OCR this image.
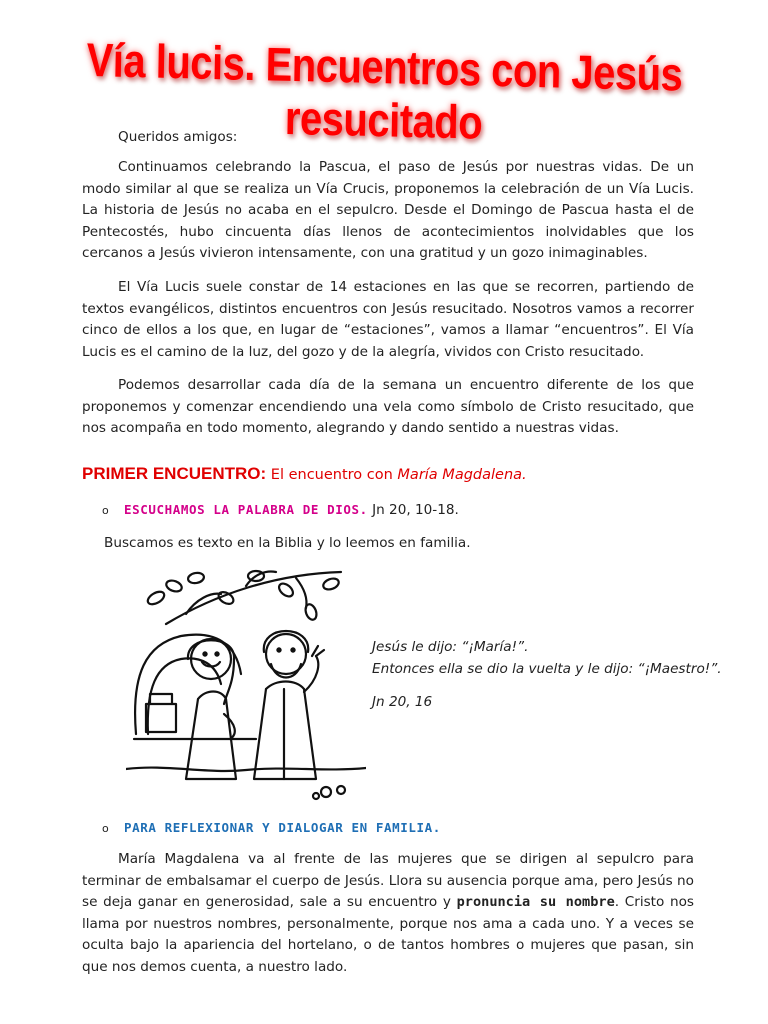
Vía lucis. Encuentros con Jesús resucitado

Queridos amigos:

Continuamos celebrando la Pascua, el paso de Jesús por nuestras vidas. De un modo similar al que se realiza un Vía Crucis, proponemos la celebración de un Vía Lucis. La historia de Jesús no acaba en el sepulcro. Desde el Domingo de Pascua hasta el de Pentecostés, hubo cincuenta días llenos de acontecimientos inolvidables que los cercanos a Jesús vivieron intensamente, con una gratitud y un gozo inimaginables.

El Vía Lucis suele constar de 14 estaciones en las que se recorren, partiendo de textos evangélicos, distintos encuentros con Jesús resucitado. Nosotros vamos a recorrer cinco de ellos a los que, en lugar de “estaciones”, vamos a llamar “encuentros”. El Vía Lucis es el camino de la luz, del gozo y de la alegría, vividos con Cristo resucitado.

Podemos desarrollar cada día de la semana un encuentro diferente de los que proponemos y comenzar encendiendo una vela como símbolo de Cristo resucitado, que nos acompaña en todo momento, alegrando y dando sentido a nuestras vidas.

PRIMER ENCUENTRO: El encuentro con María Magdalena.
o ESCUCHAMOS LA PALABRA DE DIOS. Jn 20, 10-18.
Buscamos es texto en la Biblia y lo leemos en familia.
Jesús le dijo: “¡María!”.
Entonces ella se dio la vuelta y le dijo: “¡Maestro!”.
Jn 20, 16
o PARA REFLEXIONAR Y DIALOGAR EN FAMILIA.

María Magdalena va al frente de las mujeres que se dirigen al sepulcro para terminar de embalsamar el cuerpo de Jesús. Llora su ausencia porque ama, pero Jesús no se deja ganar en generosidad, sale a su encuentro y pronuncia su nombre. Cristo nos llama por nuestros nombres, personalmente, porque nos ama a cada uno. Y a veces se oculta bajo la apariencia del hortelano, o de tantos hombres o mujeres que pasan, sin que nos demos cuenta, a nuestro lado.
